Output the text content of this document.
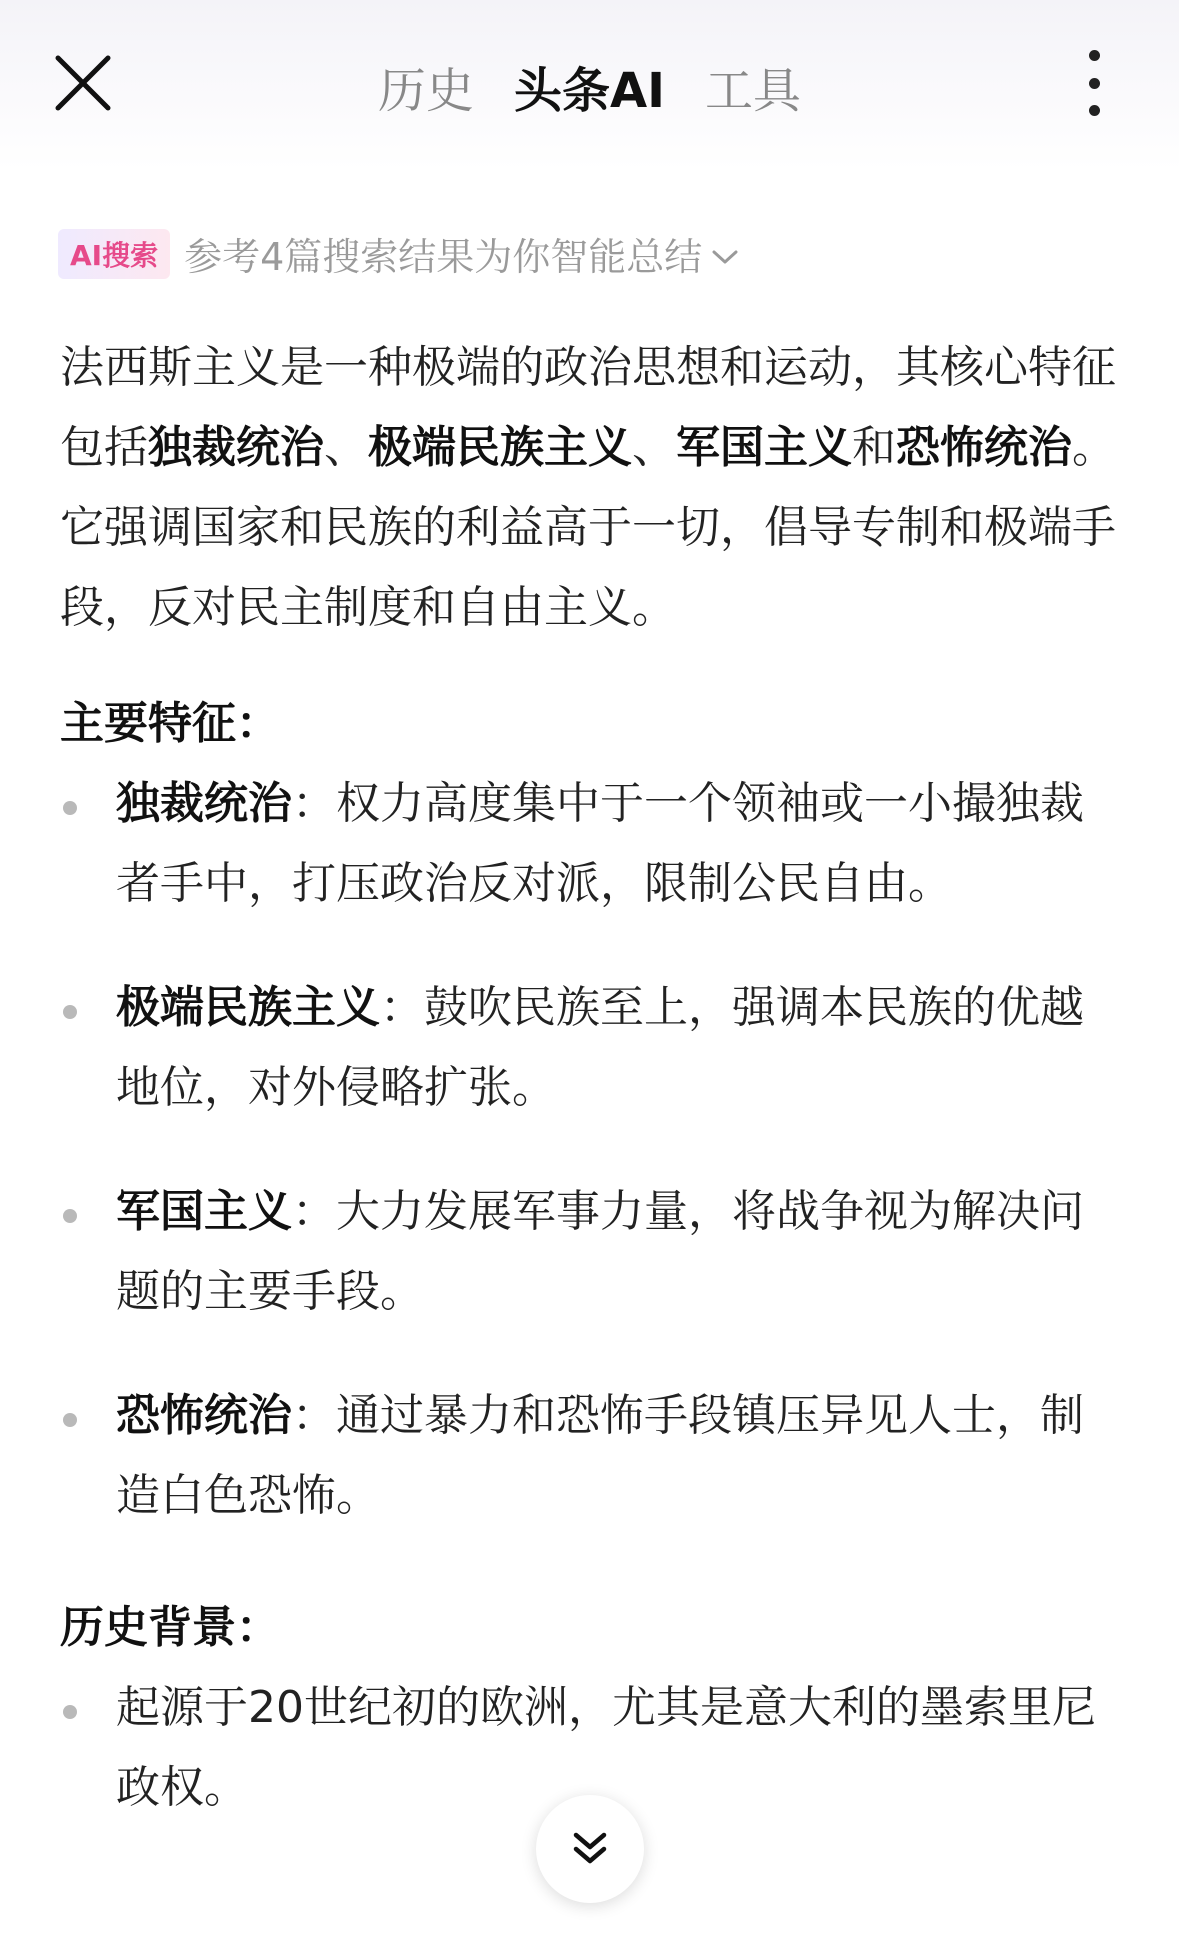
历史 头条AI 工具
AI搜索 参考4篇搜索结果为你智能总结

法西斯主义是一种极端的政治思想和运动，其核心特征包括独裁统治、极端民族主义、军国主义和恐怖统治。它强调国家和民族的利益高于一切，倡导专制和极端手段，反对民主制度和自由主义。

主要特征：
独裁统治：权力高度集中于一个领袖或一小撮独裁者手中，打压政治反对派，限制公民自由。
极端民族主义：鼓吹民族至上，强调本民族的优越地位，对外侵略扩张。
军国主义：大力发展军事力量，将战争视为解决问题的主要手段。
恐怖统治：通过暴力和恐怖手段镇压异见人士，制造白色恐怖。
历史背景：
起源于20世纪初的欧洲，尤其是意大利的墨索里尼政权。
